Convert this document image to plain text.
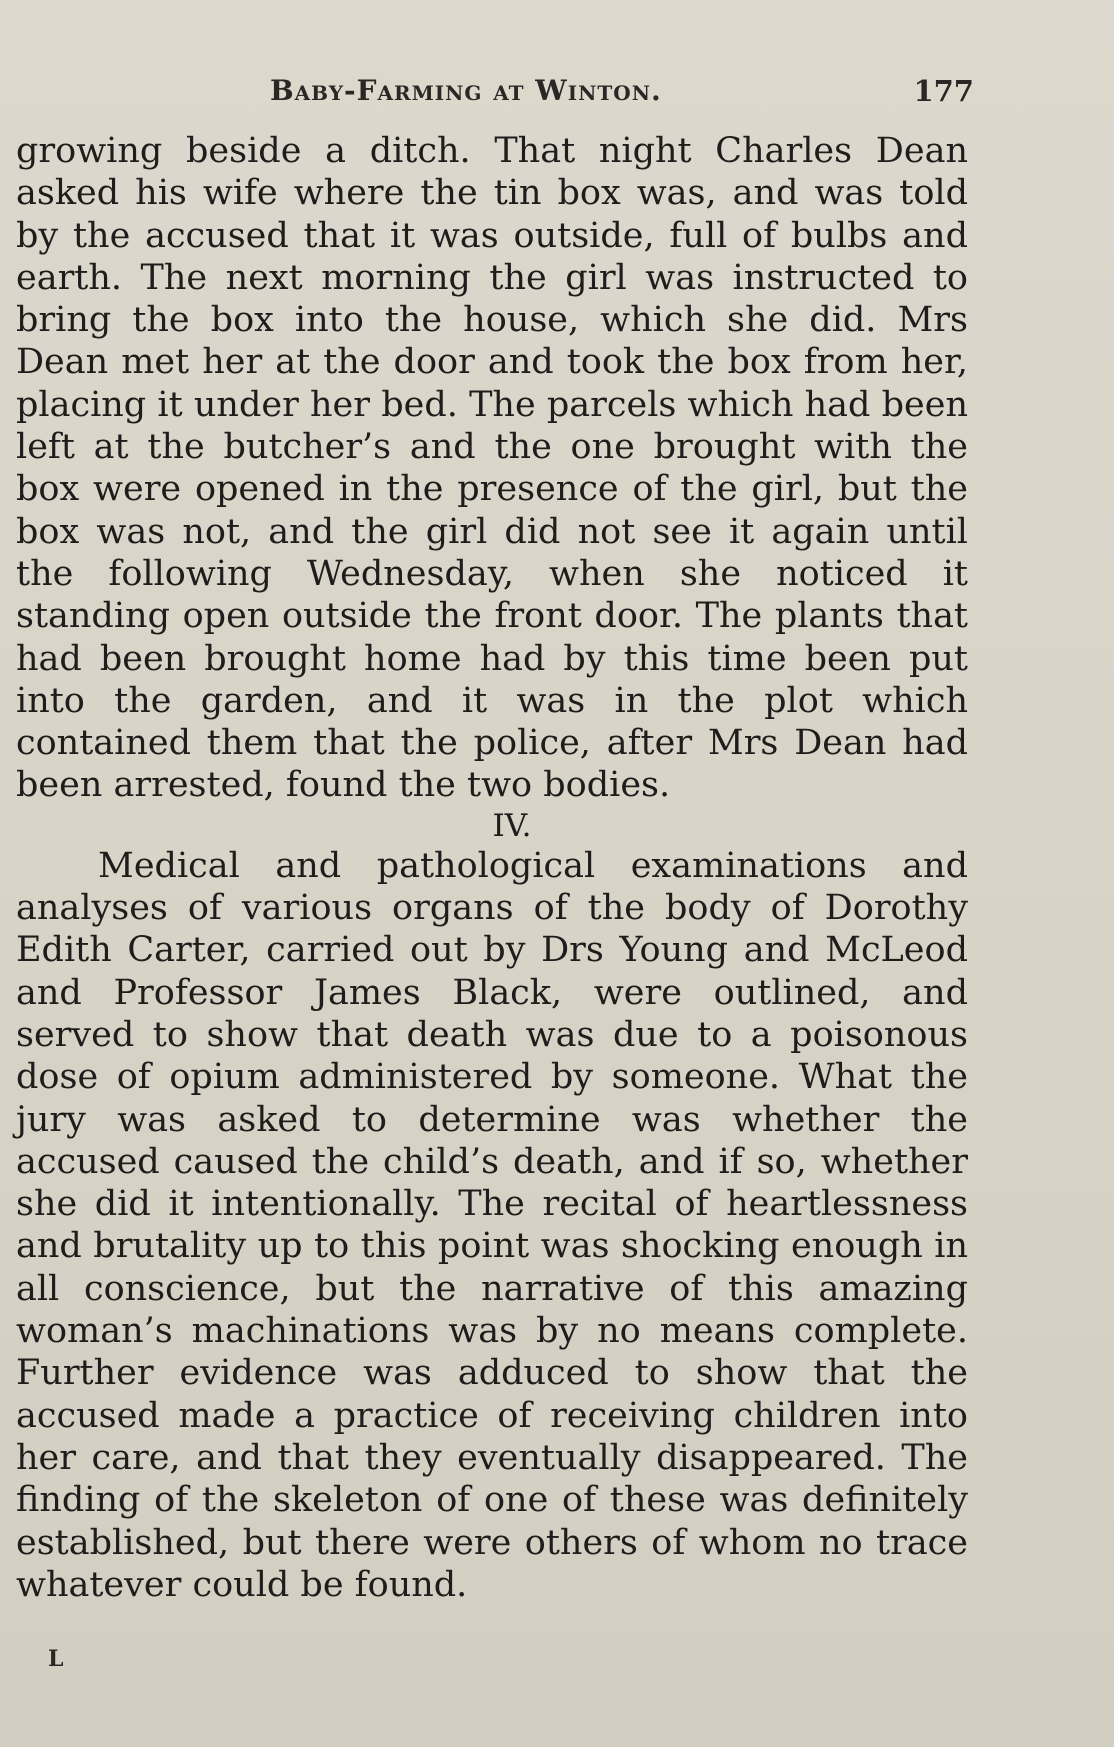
Baby-Farming at Winton.	177

growing beside a ditch. That night Charles Dean asked his wife where the tin box was, and was told by the accused that it was outside, full of bulbs and earth. The next morning the girl was instructed to bring the box into the house, which she did. Mrs Dean met her at the door and took the box from her, placing it under her bed. The parcels which had been left at the butcher’s and the one brought with the box were opened in the presence of the girl, but the box was not, and the girl did not see it again until the following Wednesday, when she noticed it standing open outside the front door. The plants that had been brought home had by this time been put into the garden, and it was in the plot which contained them that the police, after Mrs Dean had been arrested, found the two bodies.

IV.

Medical and pathological examinations and analyses of various organs of the body of Dorothy Edith Carter, carried out by Drs Young and McLeod and Professor James Black, were outlined, and served to show that death was due to a poisonous dose of opium administered by someone. What the jury was asked to determine was whether the accused caused the child’s death, and if so, whether she did it intentionally. The recital of heartlessness and brutality up to this point was shocking enough in all conscience, but the narrative of this amazing woman’s machinations was by no means complete. Further evidence was adduced to show that the accused made a practice of receiving children into her care, and that they eventually disappeared. The finding of the skeleton of one of these was definitely established, but there were others of whom no trace whatever could be found.

L
